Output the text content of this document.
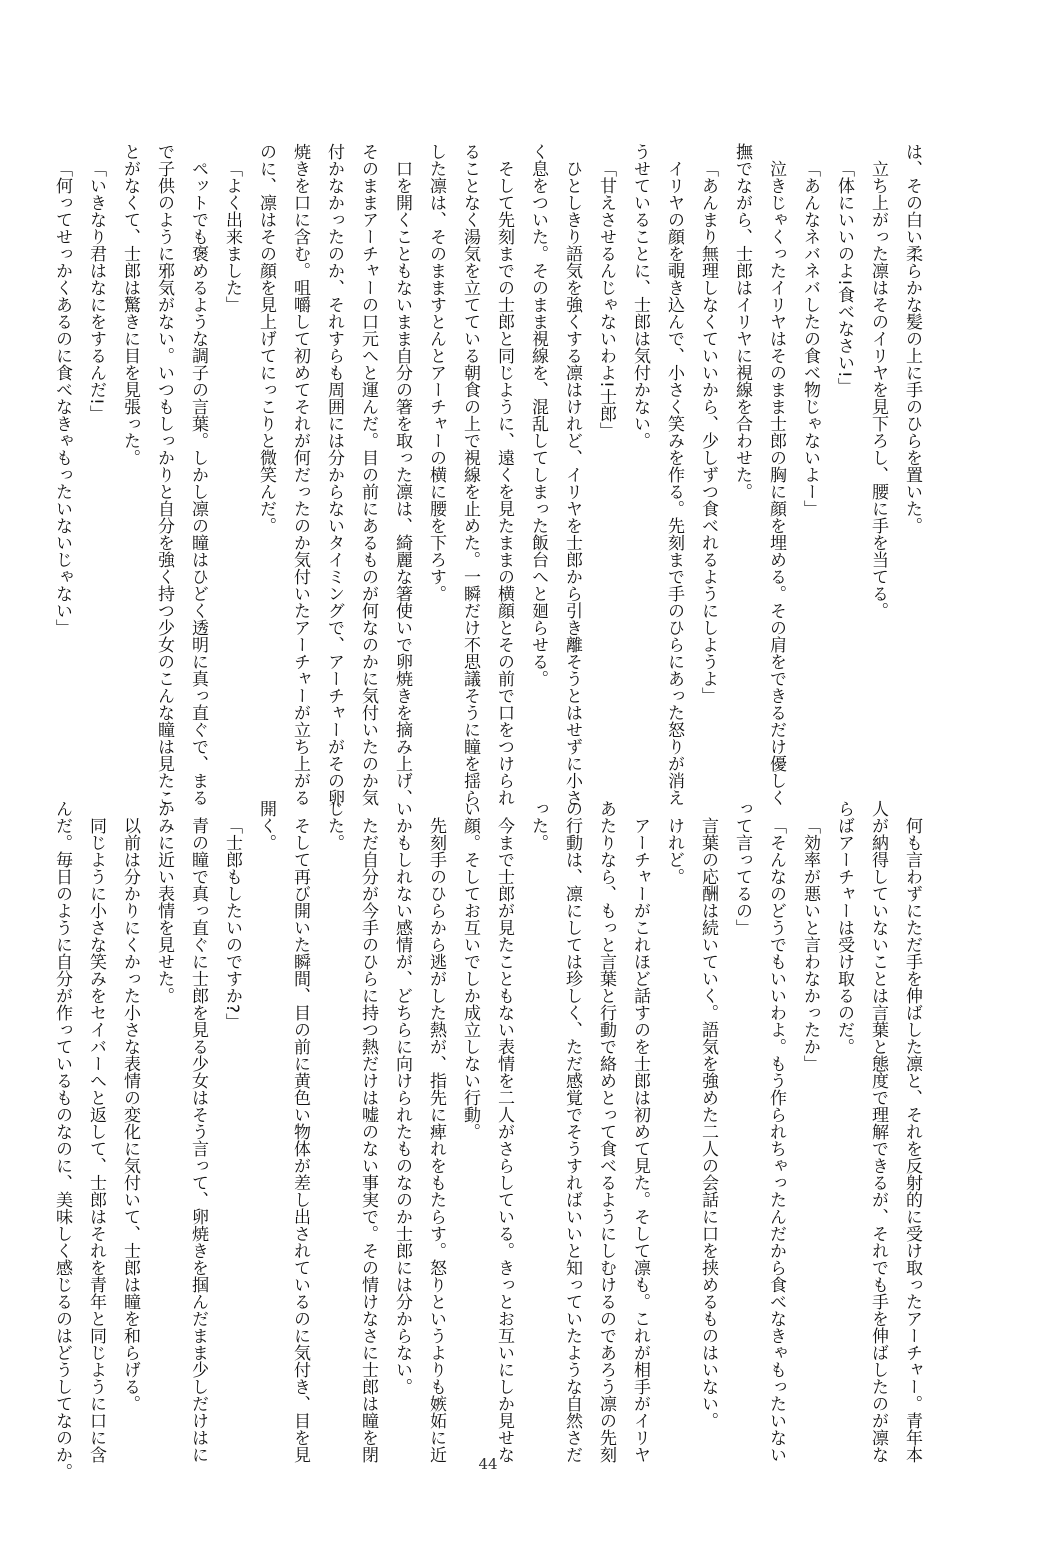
は、その白い柔らかな髪の上に手のひらを置いた。
立ち上がった凛はそのイリヤを見下ろし、腰に手を当てる。
「体にいいのよ!食べなさい!」
「あんなネバネバしたの食べ物じゃないよー」
泣きじゃくったイリヤはそのまま士郎の胸に顔を埋める。その肩をできるだけ優しく
撫でながら、士郎はイリヤに視線を合わせた。
「あんまり無理しなくていいから、少しずつ食べれるようにしようよ」
イリヤの顔を覗き込んで、小さく笑みを作る。先刻まで手のひらにあった怒りが消え
うせていることに、士郎は気付かない。
「甘えさせるんじゃないわよ!士郎」
ひとしきり語気を強くする凛はけれど、イリヤを士郎から引き離そうとはせずに小さ
く息をついた。そのまま視線を、混乱してしまった飯台へと廻らせる。
そして先刻までの士郎と同じように、遠くを見たままの横顔とその前で口をつけられ
ることなく湯気を立てている朝食の上で視線を止めた。一瞬だけ不思議そうに瞳を揺ら
した凛は、そのまますとんとアーチャーの横に腰を下ろす。
口を開くこともないまま自分の箸を取った凛は、綺麗な箸使いで卵焼きを摘み上げ、
そのままアーチャーの口元へと運んだ。目の前にあるものが何なのかに気付いたのか気
付かなかったのか、それすらも周囲には分からないタイミングで、アーチャーがその卵
焼きを口に含む。咀嚼して初めてそれが何だったのか気付いたアーチャーが立ち上がる
のに、凛はその顔を見上げてにっこりと微笑んだ。
「よく出来ました」
ペットでも褒めるような調子の言葉。しかし凛の瞳はひどく透明に真っ直ぐで、まる
で子供のように邪気がない。いつもしっかりと自分を強く持つ少女のこんな瞳は見たこ
とがなくて、士郎は驚きに目を見張った。
「いきなり君はなにをするんだ!」
「何ってせっかくあるのに食べなきゃもったいないじゃない」
何も言わずにただ手を伸ばした凛と、それを反射的に受け取ったアーチャー。青年本
人が納得していないことは言葉と態度で理解できるが、それでも手を伸ばしたのが凛な
らばアーチャーは受け取るのだ。
「効率が悪いと言わなかったか」
「そんなのどうでもいいわよ。もう作られちゃったんだから食べなきゃもったいない
って言ってるの」
言葉の応酬は続いていく。語気を強めた二人の会話に口を挟めるものはいない。
けれど。
アーチャーがこれほど話すのを士郎は初めて見た。そして凛も。これが相手がイリヤ
あたりなら、もっと言葉と行動で絡めとって食べるようにしむけるのであろう凛の先刻
の行動は、凛にしては珍しく、ただ感覚でそうすればいいと知っていたような自然さだ
った。
今まで士郎が見たこともない表情を二人がさらしている。きっとお互いにしか見せな
い顔。そしてお互いでしか成立しない行動。
先刻手のひらから逃がした熱が、指先に痺れをもたらす。怒りというよりも嫉妬に近
いかもしれない感情が、どちらに向けられたものなのか士郎には分からない。
ただ自分が今手のひらに持つ熱だけは嘘のない事実で。その情けなさに士郎は瞳を閉
じた。
そして再び開いた瞬間、目の前に黄色い物体が差し出されているのに気付き、目を見
開く。
「士郎もしたいのですか?」
青の瞳で真っ直ぐに士郎を見る少女はそう言って、卵焼きを掴んだまま少しだけはに
かみに近い表情を見せた。
以前は分かりにくかった小さな表情の変化に気付いて、士郎は瞳を和らげる。
同じように小さな笑みをセイバーへと返して、士郎はそれを青年と同じように口に含
んだ。毎日のように自分が作っているものなのに、美味しく感じるのはどうしてなのか。	44
